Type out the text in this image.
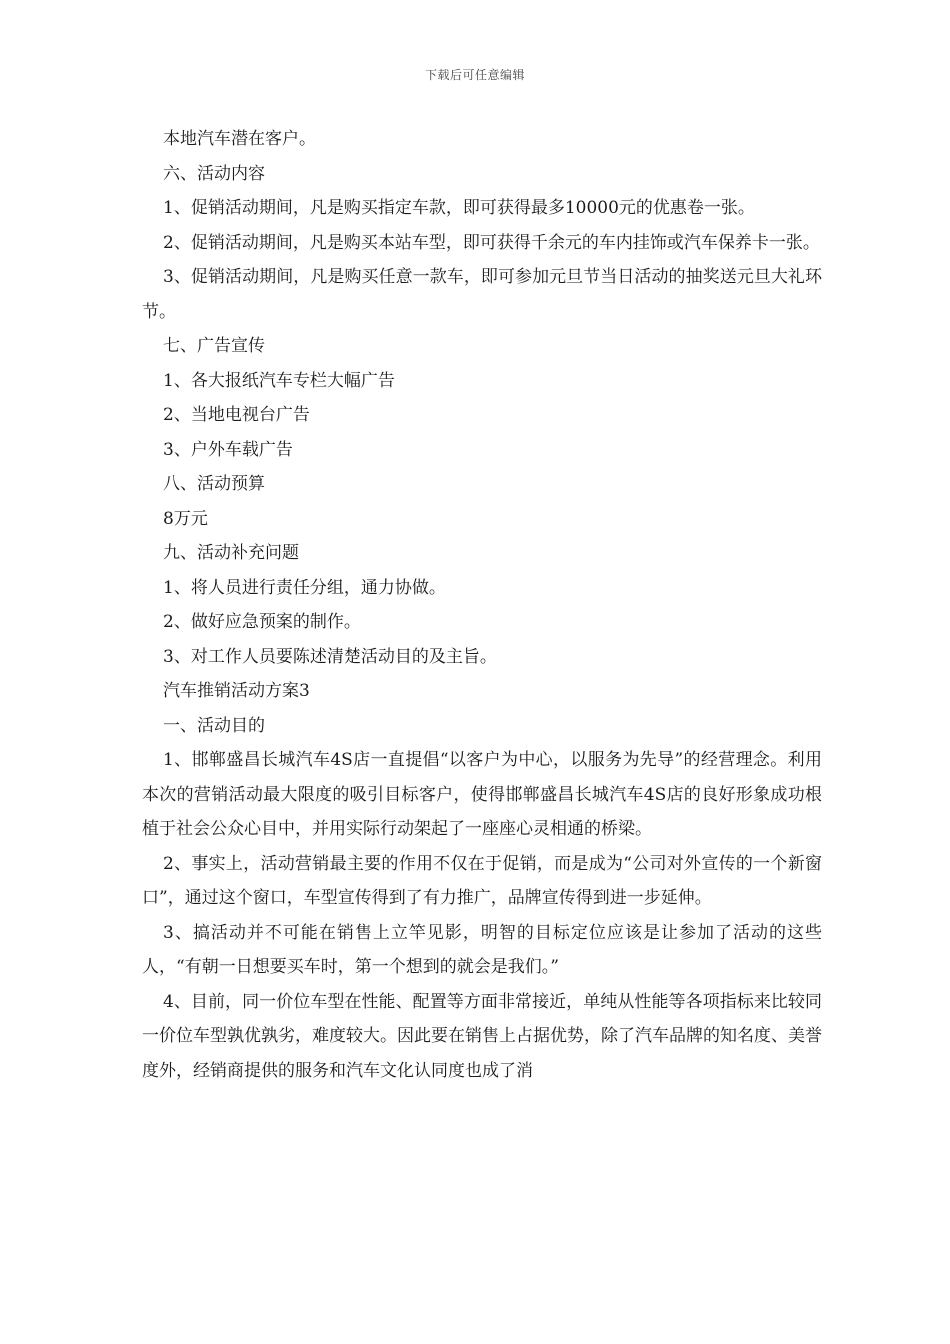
下载后可任意编辑

本地汽车潜在客户。

六、活动内容

1、促销活动期间，凡是购买指定车款，即可获得最多10000元的优惠卷一张。

2、促销活动期间，凡是购买本站车型，即可获得千余元的车内挂饰或汽车保养卡一张。

3、促销活动期间，凡是购买任意一款车，即可参加元旦节当日活动的抽奖送元旦大礼环节。

七、广告宣传

1、各大报纸汽车专栏大幅广告

2、当地电视台广告

3、户外车载广告

八、活动预算

8万元

九、活动补充问题

1、将人员进行责任分组，通力协做。

2、做好应急预案的制作。

3、对工作人员要陈述清楚活动目的及主旨。

汽车推销活动方案3

一、活动目的

1、邯郸盛昌长城汽车4S店一直提倡“以客户为中心，以服务为先导”的经营理念。利用本次的营销活动最大限度的吸引目标客户，使得邯郸盛昌长城汽车4S店的良好形象成功根植于社会公众心目中，并用实际行动架起了一座座心灵相通的桥梁。

2、事实上，活动营销最主要的作用不仅在于促销，而是成为“公司对外宣传的一个新窗口”，通过这个窗口，车型宣传得到了有力推广，品牌宣传得到进一步延伸。

3、搞活动并不可能在销售上立竿见影，明智的目标定位应该是让参加了活动的这些人，“有朝一日想要买车时，第一个想到的就会是我们。”

4、目前，同一价位车型在性能、配置等方面非常接近，单纯从性能等各项指标来比较同一价位车型孰优孰劣，难度较大。因此要在销售上占据优势，除了汽车品牌的知名度、美誉度外，经销商提供的服务和汽车文化认同度也成了消
